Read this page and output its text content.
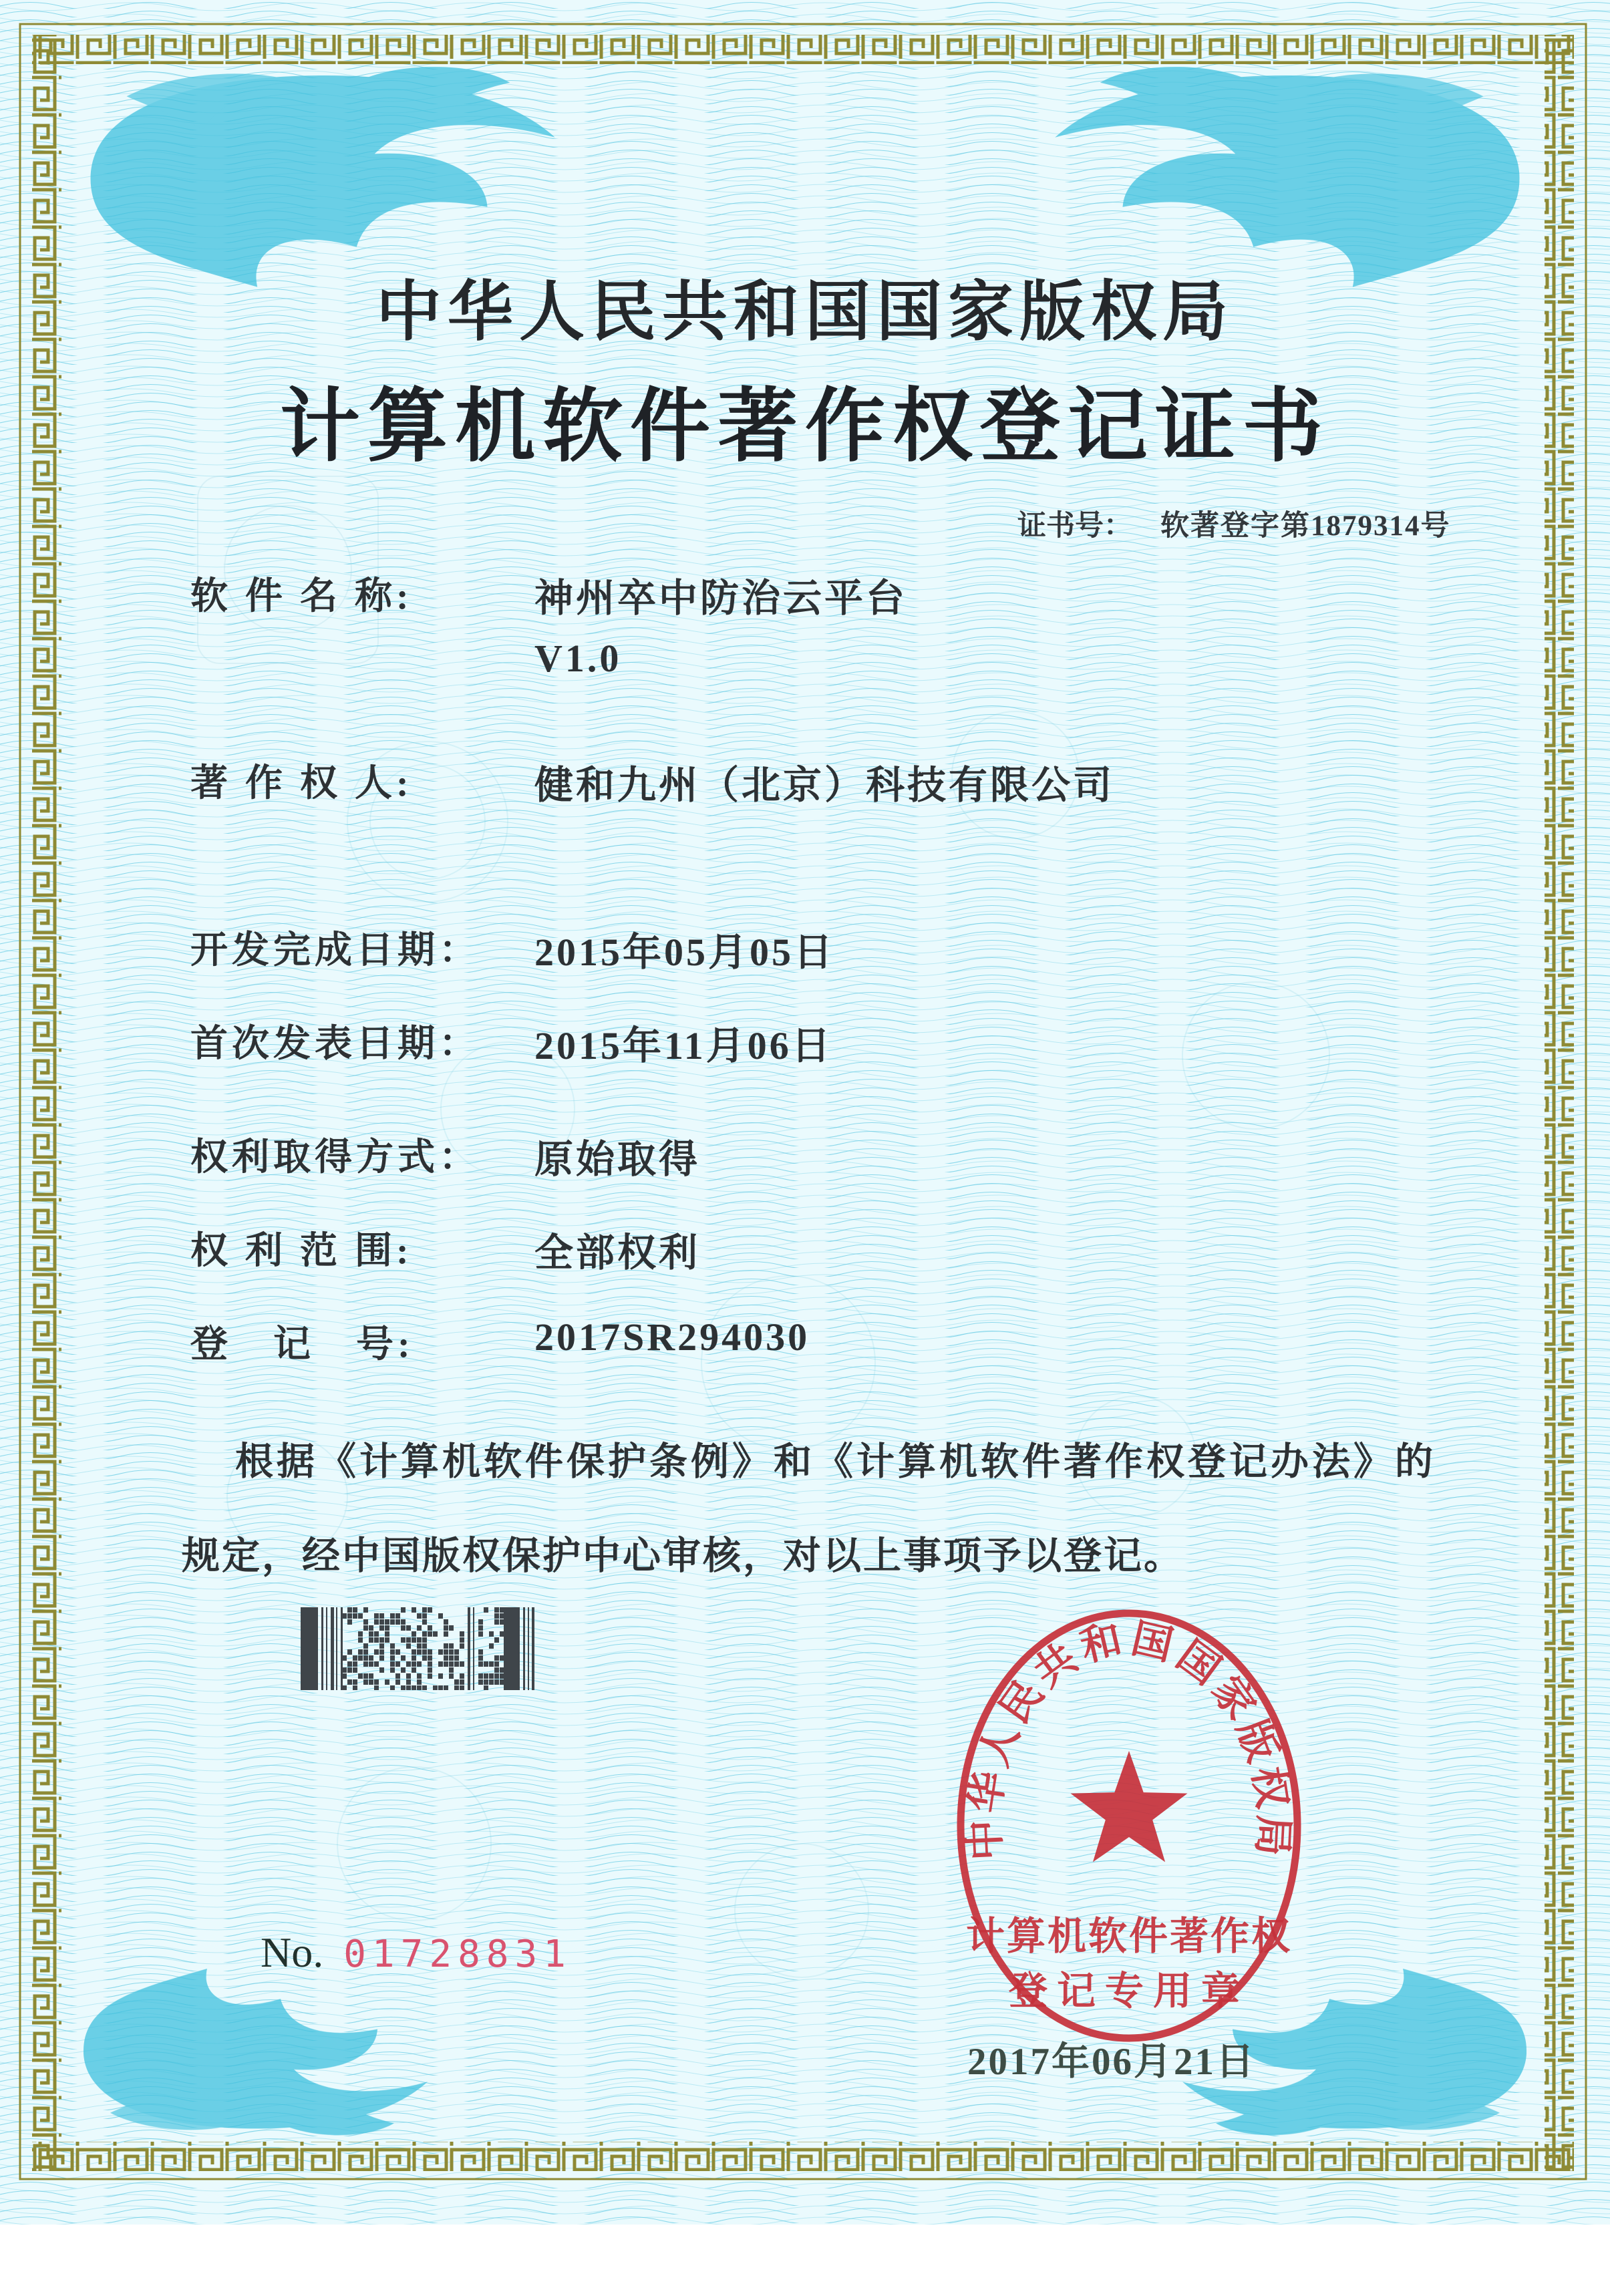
中华人民共和国国家版权局
计算机软件著作权登记证书

证书号： 软著登字第1879314号

软 件 名 称:	神州卒中防治云平台
V1.0
著 作 权 人:	健和九州（北京）科技有限公司
开发完成日期： 2015年05月05日
首次发表日期： 2015年11月06日
权利取得方式： 原始取得
权 利 范 围:	全部权利
登　记　号:	2017SR294030
根据《计算机软件保护条例》和《计算机软件著作权登记办法》的
规定，经中国版权保护中心审核，对以上事项予以登记。
中华人民共和国国家版权局
计算机软件著作权
登记专用章
2017年06月21日
No. 01728831
